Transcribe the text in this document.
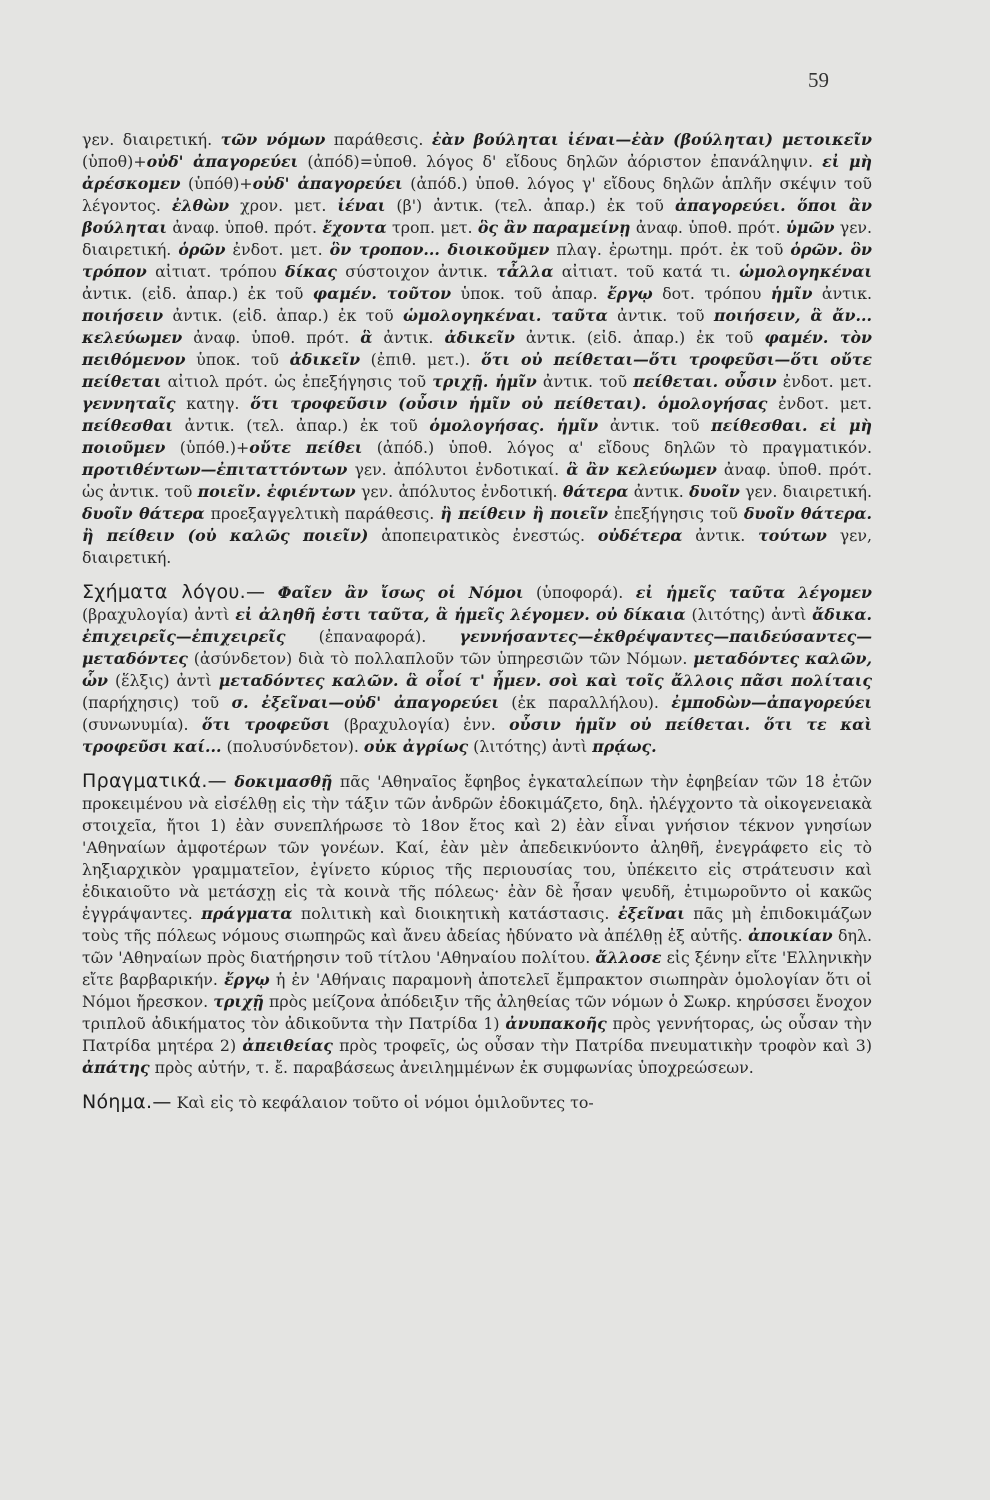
59

γεν. διαιρετική. τῶν νόμων παράθεσις. ἐὰν βούληται ἰέναι—ἐὰν (βούληται) μετοικεῖν (ὑποθ)+οὐδ' ἀπαγορεύει (ἀπόδ)=ὑποθ. λόγος δ' εἴδους δηλῶν ἀόριστον ἐπανάληψιν. εἰ μὴ ἀρέσκομεν (ὑπόθ)+οὐδ' ἀπαγορεύει (ἀπόδ.) ὑποθ. λόγος γ' εἴδους δηλῶν ἁπλῆν σκέψιν τοῦ λέγοντος. ἐλθὼν χρον. μετ. ἰέναι (β') ἀντικ. (τελ. ἀπαρ.) ἐκ τοῦ ἀπαγορεύει. ὅποι ἂν βούληται ἀναφ. ὑποθ. πρότ. ἔχοντα τροπ. μετ. ὃς ἂν παραμείνῃ ἀναφ. ὑποθ. πρότ. ὑμῶν γεν. διαιρετική. ὁρῶν ἐνδοτ. μετ. ὃν τροπον... διοικοῦμεν πλαγ. ἐρωτημ. πρότ. ἐκ τοῦ ὁρῶν. ὃν τρόπον αἰτιατ. τρόπου δίκας σύστοιχον ἀντικ. τἆλλα αἰτιατ. τοῦ κατά τι. ὡμολογηκέναι ἀντικ. (εἰδ. ἀπαρ.) ἐκ τοῦ φαμέν. τοῦτον ὑποκ. τοῦ ἀπαρ. ἔργῳ δοτ. τρόπου ἡμῖν ἀντικ. ποιήσειν ἀντικ. (εἰδ. ἀπαρ.) ἐκ τοῦ ὡμολογηκέναι. ταῦτα ἀντικ. τοῦ ποιήσειν, ἃ ἄν... κελεύωμεν ἀναφ. ὑποθ. πρότ. ἃ ἀντικ. ἀδικεῖν ἀντικ. (εἰδ. ἀπαρ.) ἐκ τοῦ φαμέν. τὸν πειθόμενον ὑποκ. τοῦ ἀδικεῖν (ἐπιθ. μετ.). ὅτι οὐ πείθεται—ὅτι τροφεῦσι—ὅτι οὔτε πείθεται αἰτιολ πρότ. ὡς ἐπεξήγησις τοῦ τριχῇ. ἡμῖν ἀντικ. τοῦ πείθεται. οὖσιν ἐνδοτ. μετ. γεννηταῖς κατηγ. ὅτι τροφεῦσιν (οὖσιν ἡμῖν οὐ πείθεται). ὁμολογήσας ἐνδοτ. μετ. πείθεσθαι ἀντικ. (τελ. ἀπαρ.) ἐκ τοῦ ὁμολογήσας. ἡμῖν ἀντικ. τοῦ πείθεσθαι. εἰ μὴ ποιοῦμεν (ὑπόθ.)+οὔτε πείθει (ἀπόδ.) ὑποθ. λόγος α' εἴδους δηλῶν τὸ πραγματικόν. προτιθέντων—ἐπιταττόντων γεν. ἀπόλυτοι ἐνδοτικαί. ἃ ἂν κελεύωμεν ἀναφ. ὑποθ. πρότ. ὡς ἀντικ. τοῦ ποιεῖν. ἐφιέντων γεν. ἀπόλυτος ἐνδοτική. θάτερα ἀντικ. δυοῖν γεν. διαιρετική. δυοῖν θάτερα προεξαγγελτικὴ παράθεσις. ἢ πείθειν ἢ ποιεῖν ἐπεξήγησις τοῦ δυοῖν θάτερα. ἢ πείθειν (οὐ καλῶς ποιεῖν) ἀποπειρατικὸς ἐνεστώς. οὐδέτερα ἀντικ. τούτων γεν, διαιρετική.

Σχήματα λόγου.— Φαῖεν ἂν ἴσως οἱ Νόμοι (ὑποφορά). εἰ ἡμεῖς ταῦτα λέγομεν (βραχυλογία) ἀντὶ εἰ ἀληθῆ ἐστι ταῦτα, ἃ ἡμεῖς λέγομεν. οὐ δίκαια (λιτότης) ἀντὶ ἄδικα. ἐπιχειρεῖς—ἐπιχειρεῖς (ἐπαναφορά). γεννήσαντες—ἐκθρέψαντες—παιδεύσαντες—μεταδόντες (ἀσύνδετον) διὰ τὸ πολλαπλοῦν τῶν ὑπηρεσιῶν τῶν Νόμων. μεταδόντες καλῶν, ὧν (ἕλξις) ἀντὶ μεταδόντες καλῶν. ἃ οἷοί τ' ἦμεν. σοὶ καὶ τοῖς ἄλλοις πᾶσι πολίταις (παρήχησις) τοῦ σ. ἐξεῖναι—οὐδ' ἀπαγορεύει (ἐκ παραλλήλου). ἐμποδὼν—ἀπαγορεύει (συνωνυμία). ὅτι τροφεῦσι (βραχυλογία) ἐνν. οὖσιν ἡμῖν οὐ πείθεται. ὅτι τε καὶ τροφεῦσι καί... (πολυσύνδετον). οὐκ ἀγρίως (λιτότης) ἀντὶ πρᾴως.

Πραγματικά.— δοκιμασθῇ πᾶς 'Αθηναῖος ἔφηβος ἐγκαταλείπων τὴν ἐφηβείαν τῶν 18 ἐτῶν προκειμένου νὰ εἰσέλθῃ εἰς τὴν τάξιν τῶν ἀνδρῶν ἐδοκιμάζετο, δηλ. ἠλέγχοντο τὰ οἰκογενειακὰ στοιχεῖα, ἤτοι 1) ἐὰν συνεπλήρωσε τὸ 18ον ἔτος καὶ 2) ἐὰν εἶναι γνήσιον τέκνον γνησίων 'Αθηναίων ἀμφοτέρων τῶν γονέων. Καί, ἐὰν μὲν ἀπεδεικνύοντο ἀληθῆ, ἐνεγράφετο εἰς τὸ ληξιαρχικὸν γραμματεῖον, ἐγίνετο κύριος τῆς περιουσίας του, ὑπέκειτο εἰς στράτευσιν καὶ ἐδικαιοῦτο νὰ μετάσχῃ εἰς τὰ κοινὰ τῆς πόλεως· ἐὰν δὲ ἦσαν ψευδῆ, ἐτιμωροῦντο οἱ κακῶς ἐγγράψαντες. πράγματα πολιτικὴ καὶ διοικητικὴ κατάστασις. ἐξεῖναι πᾶς μὴ ἐπιδοκιμάζων τοὺς τῆς πόλεως νόμους σιωπηρῶς καὶ ἄνευ ἀδείας ἠδύνατο νὰ ἀπέλθῃ ἐξ αὐτῆς. ἀποικίαν δηλ. τῶν 'Αθηναίων πρὸς διατήρησιν τοῦ τίτλου 'Αθηναίου πολίτου. ἄλλοσε εἰς ξένην εἴτε 'Ελληνικὴν εἴτε βαρβαρικήν. ἔργῳ ἡ ἐν 'Αθήναις παραμονὴ ἀποτελεῖ ἔμπρακτον σιωπηρὰν ὁμολογίαν ὅτι οἱ Νόμοι ἤρεσκον. τριχῇ πρὸς μείζονα ἀπόδειξιν τῆς ἀληθείας τῶν νόμων ὁ Σωκρ. κηρύσσει ἔνοχον τριπλοῦ ἀδικήματος τὸν ἀδικοῦντα τὴν Πατρίδα 1) ἀνυπακοῆς πρὸς γεννήτορας, ὡς οὖσαν τὴν Πατρίδα μητέρα 2) ἀπειθείας πρὸς τροφεῖς, ὡς οὖσαν τὴν Πατρίδα πνευματικὴν τροφὸν καὶ 3) ἀπάτης πρὸς αὐτήν, τ. ἔ. παραβάσεως ἀνειλημμένων ἐκ συμφωνίας ὑποχρεώσεων.

Νόημα.— Καὶ εἰς τὸ κεφάλαιον τοῦτο οἱ νόμοι ὁμιλοῦντες το-
